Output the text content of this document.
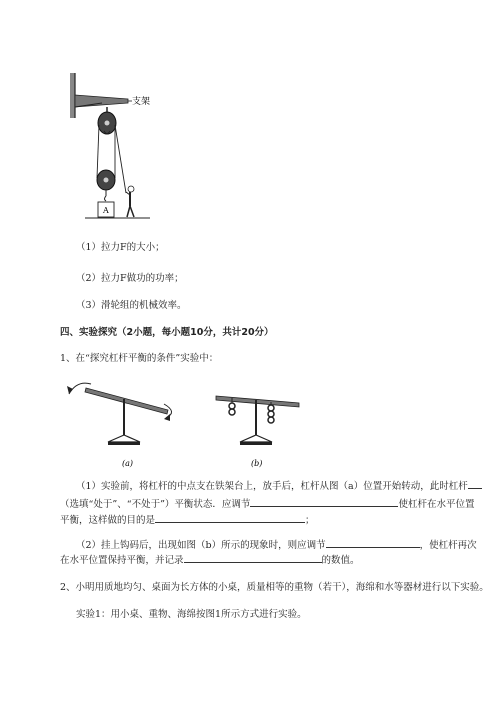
支架
A
（1）拉力F的大小；
（2）拉力F做功的功率；
（3）滑轮组的机械效率。
四、实验探究（2小题，每小题10分，共计20分）
1、在“探究杠杆平衡的条件”实验中：
(a)	(b)
（1）实验前，将杠杆的中点支在铁架台上，放手后，杠杆从图（a）位置开始转动，此时杠杆
（选填“处于”、“不处于”）平衡状态．应调节	使杠杆在水平位置
平衡，这样做的目的是	；
（2）挂上钩码后，出现如图（b）所示的现象时，则应调节	，使杠杆再次
在水平位置保持平衡，并记录	的数值。
2、小明用质地均匀、桌面为长方体的小桌，质量相等的重物（若干），海绵和水等器材进行以下实验。
实验1：用小桌、重物、海绵按图1所示方式进行实验。
